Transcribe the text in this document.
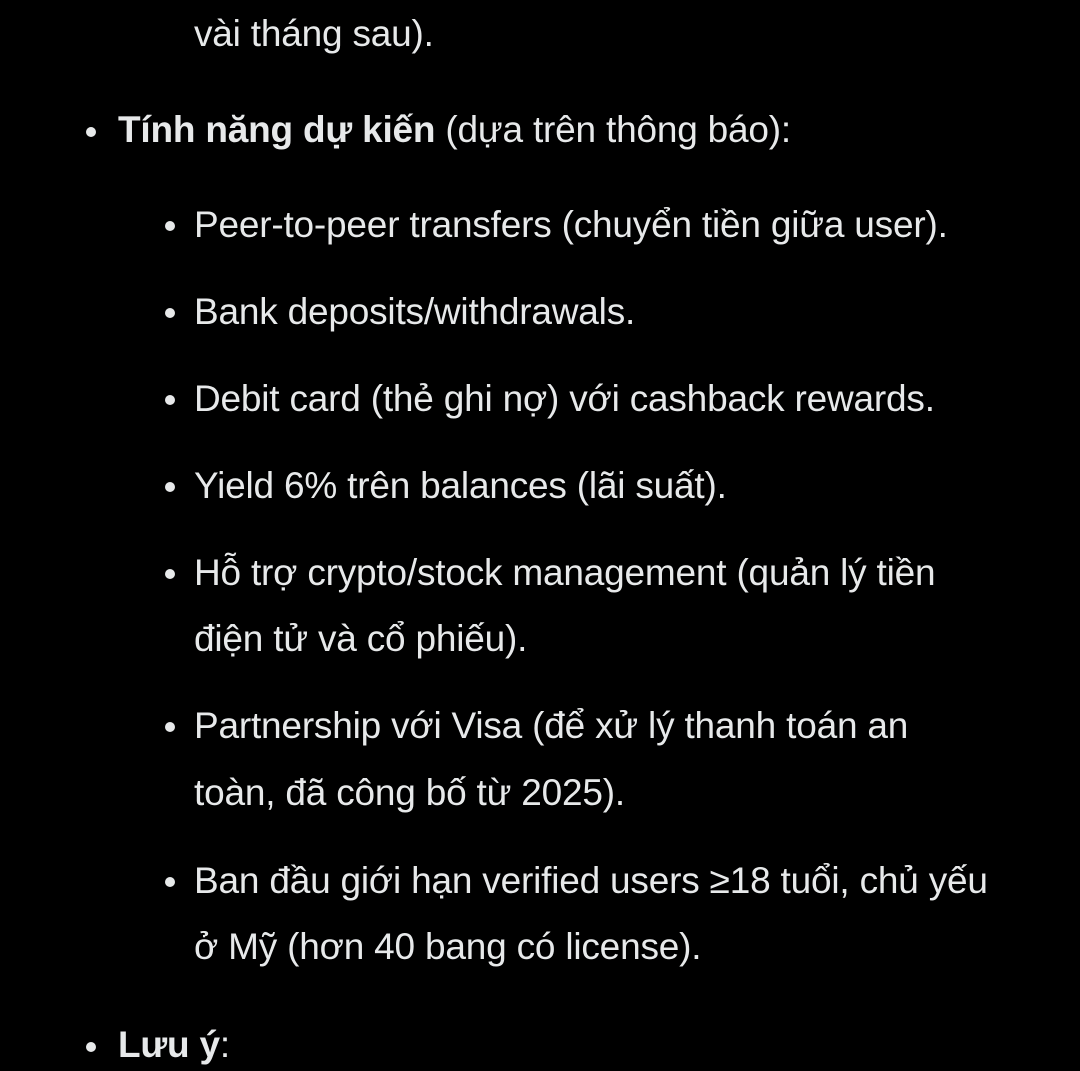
vài tháng sau).
Tính năng dự kiến (dựa trên thông báo):
Peer-to-peer transfers (chuyển tiền giữa user).
Bank deposits/withdrawals.
Debit card (thẻ ghi nợ) với cashback rewards.
Yield 6% trên balances (lãi suất).
Hỗ trợ crypto/stock management (quản lý tiền
điện tử và cổ phiếu).
Partnership với Visa (để xử lý thanh toán an
toàn, đã công bố từ 2025).
Ban đầu giới hạn verified users ≥18 tuổi, chủ yếu
ở Mỹ (hơn 40 bang có license).
Lưu ý:
